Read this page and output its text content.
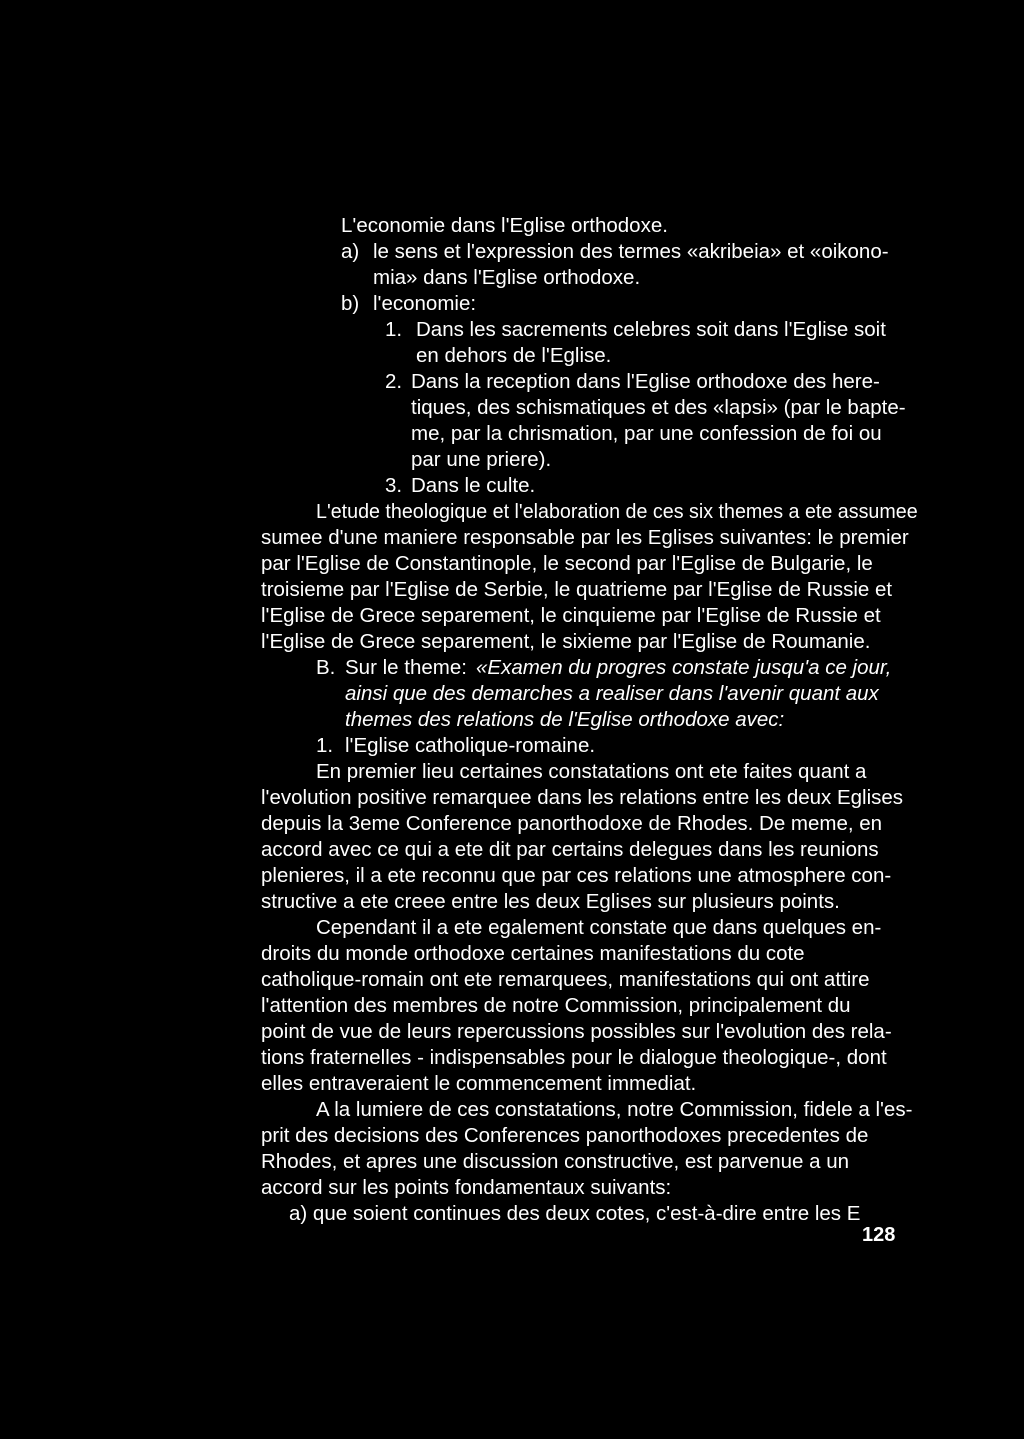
L'economie dans l'Eglise orthodoxe.
a) le sens et l'expression des termes «akribeia» et «oikono-
mia» dans l'Eglise orthodoxe.
b) l'economie:
1. Dans les sacrements celebres soit dans l'Eglise soit
en dehors de l'Eglise.
2. Dans la reception dans l'Eglise orthodoxe des here-
tiques, des schismatiques et des «lapsi» (par le bapte-
me, par la chrismation, par une confession de foi ou
par une priere).
3. Dans le culte.
L'etude theologique et l'elaboration de ces six themes a ete assumee
sumee d'une maniere responsable par les Eglises suivantes: le premier
par l'Eglise de Constantinople, le second par l'Eglise de Bulgarie, le
troisieme par l'Eglise de Serbie, le quatrieme par l'Eglise de Russie et
l'Eglise de Grece separement, le cinquieme par l'Eglise de Russie et
l'Eglise de Grece separement, le sixieme par l'Eglise de Roumanie.
B. Sur le theme: «Examen du progres constate jusqu'a ce jour,
ainsi que des demarches a realiser dans l'avenir quant aux
themes des relations de l'Eglise orthodoxe avec:
1. l'Eglise catholique-romaine.
En premier lieu certaines constatations ont ete faites quant a
l'evolution positive remarquee dans les relations entre les deux Eglises
depuis la 3eme Conference panorthodoxe de Rhodes. De meme, en
accord avec ce qui a ete dit par certains delegues dans les reunions
plenieres, il a ete reconnu que par ces relations une atmosphere con-
structive a ete creee entre les deux Eglises sur plusieurs points.
Cependant il a ete egalement constate que dans quelques en-
droits du monde orthodoxe certaines manifestations du cote
catholique-romain ont ete remarquees, manifestations qui ont attire
l'attention des membres de notre Commission, principalement du
point de vue de leurs repercussions possibles sur l'evolution des rela-
tions fraternelles - indispensables pour le dialogue theologique-, dont
elles entraveraient le commencement immediat.
A la lumiere de ces constatations, notre Commission, fidele a l'es-
prit des decisions des Conferences panorthodoxes precedentes de
Rhodes, et apres une discussion constructive, est parvenue a un
accord sur les points fondamentaux suivants:
a) que soient continues des deux cotes, c'est-à-dire entre les E
128
